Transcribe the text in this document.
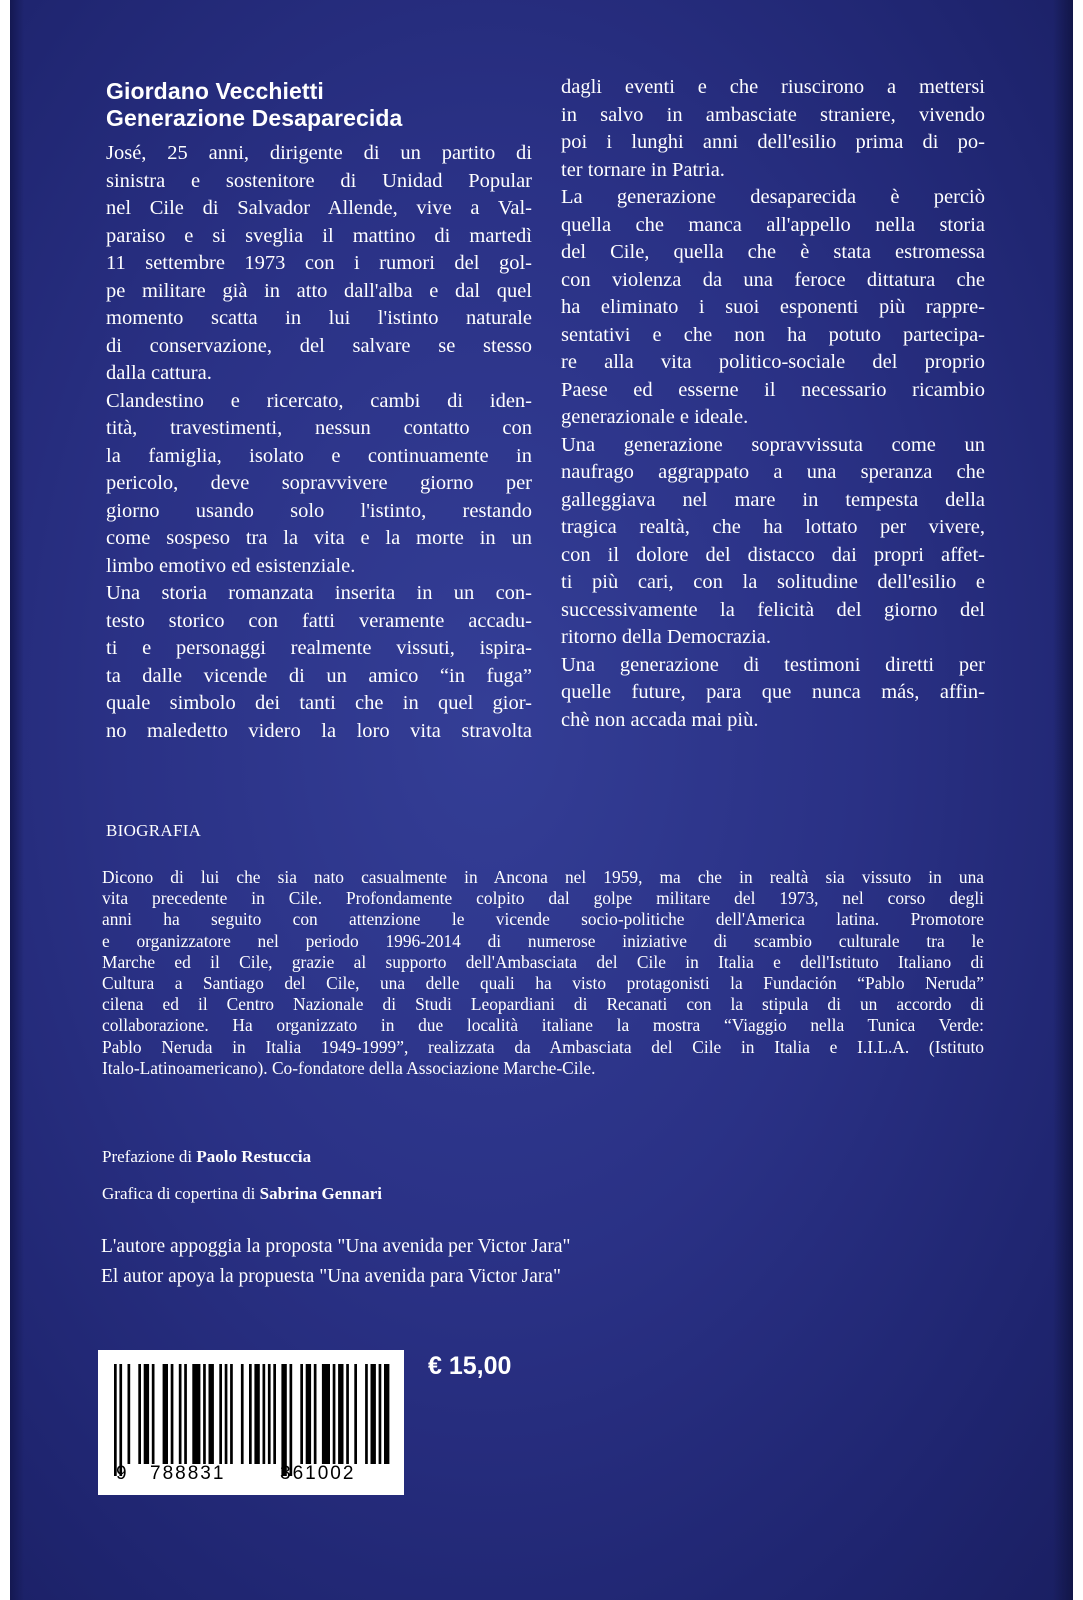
Giordano Vecchietti
Generazione Desaparecida
José, 25 anni, dirigente di un partito di
sinistra e sostenitore di Unidad Popular
nel Cile di Salvador Allende, vive a Val-
paraiso e si sveglia il mattino di martedì
11 settembre 1973 con i rumori del gol-
pe militare già in atto dall'alba e dal quel
momento scatta in lui l'istinto naturale
di conservazione, del salvare se stesso
dalla cattura.
Clandestino e ricercato, cambi di iden-
tità, travestimenti, nessun contatto con
la famiglia, isolato e continuamente in
pericolo, deve sopravvivere giorno per
giorno usando solo l'istinto, restando
come sospeso tra la vita e la morte in un
limbo emotivo ed esistenziale.
Una storia romanzata inserita in un con-
testo storico con fatti veramente accadu-
ti e personaggi realmente vissuti, ispira-
ta dalle vicende di un amico “in fuga”
quale simbolo dei tanti che in quel gior-
no maledetto videro la loro vita stravolta
dagli eventi e che riuscirono a mettersi
in salvo in ambasciate straniere, vivendo
poi i lunghi anni dell'esilio prima di po-
ter tornare in Patria.
La generazione desaparecida è perciò
quella che manca all'appello nella storia
del Cile, quella che è stata estromessa
con violenza da una feroce dittatura che
ha eliminato i suoi esponenti più rappre-
sentativi e che non ha potuto partecipa-
re alla vita politico-sociale del proprio
Paese ed esserne il necessario ricambio
generazionale e ideale.
Una generazione sopravvissuta come un
naufrago aggrappato a una speranza che
galleggiava nel mare in tempesta della
tragica realtà, che ha lottato per vivere,
con il dolore del distacco dai propri affet-
ti più cari, con la solitudine dell'esilio e
successivamente la felicità del giorno del
ritorno della Democrazia.
Una generazione di testimoni diretti per
quelle future, para que nunca más, affin-
chè non accada mai più.
BIOGRAFIA
Dicono di lui che sia nato casualmente in Ancona nel 1959, ma che in realtà sia vissuto in una
vita precedente in Cile. Profondamente colpito dal golpe militare del 1973, nel corso degli
anni ha seguito con attenzione le vicende socio-politiche dell'America latina. Promotore
e organizzatore nel periodo 1996-2014 di numerose iniziative di scambio culturale tra le
Marche ed il Cile, grazie al supporto dell'Ambasciata del Cile in Italia e dell'Istituto Italiano di
Cultura a Santiago del Cile, una delle quali ha visto protagonisti la Fundación “Pablo Neruda”
cilena ed il Centro Nazionale di Studi Leopardiani di Recanati con la stipula di un accordo di
collaborazione. Ha organizzato in due località italiane la mostra “Viaggio nella Tunica Verde:
Pablo Neruda in Italia 1949-1999”, realizzata da Ambasciata del Cile in Italia e I.I.L.A. (Istituto
Italo-Latinoamericano). Co-fondatore della Associazione Marche-Cile.
Prefazione di Paolo Restuccia
Grafica di copertina di Sabrina Gennari
L'autore appoggia la proposta "Una avenida per Victor Jara"
El autor apoya la propuesta "Una avenida para Victor Jara"
9 788831	361002
€ 15,00
